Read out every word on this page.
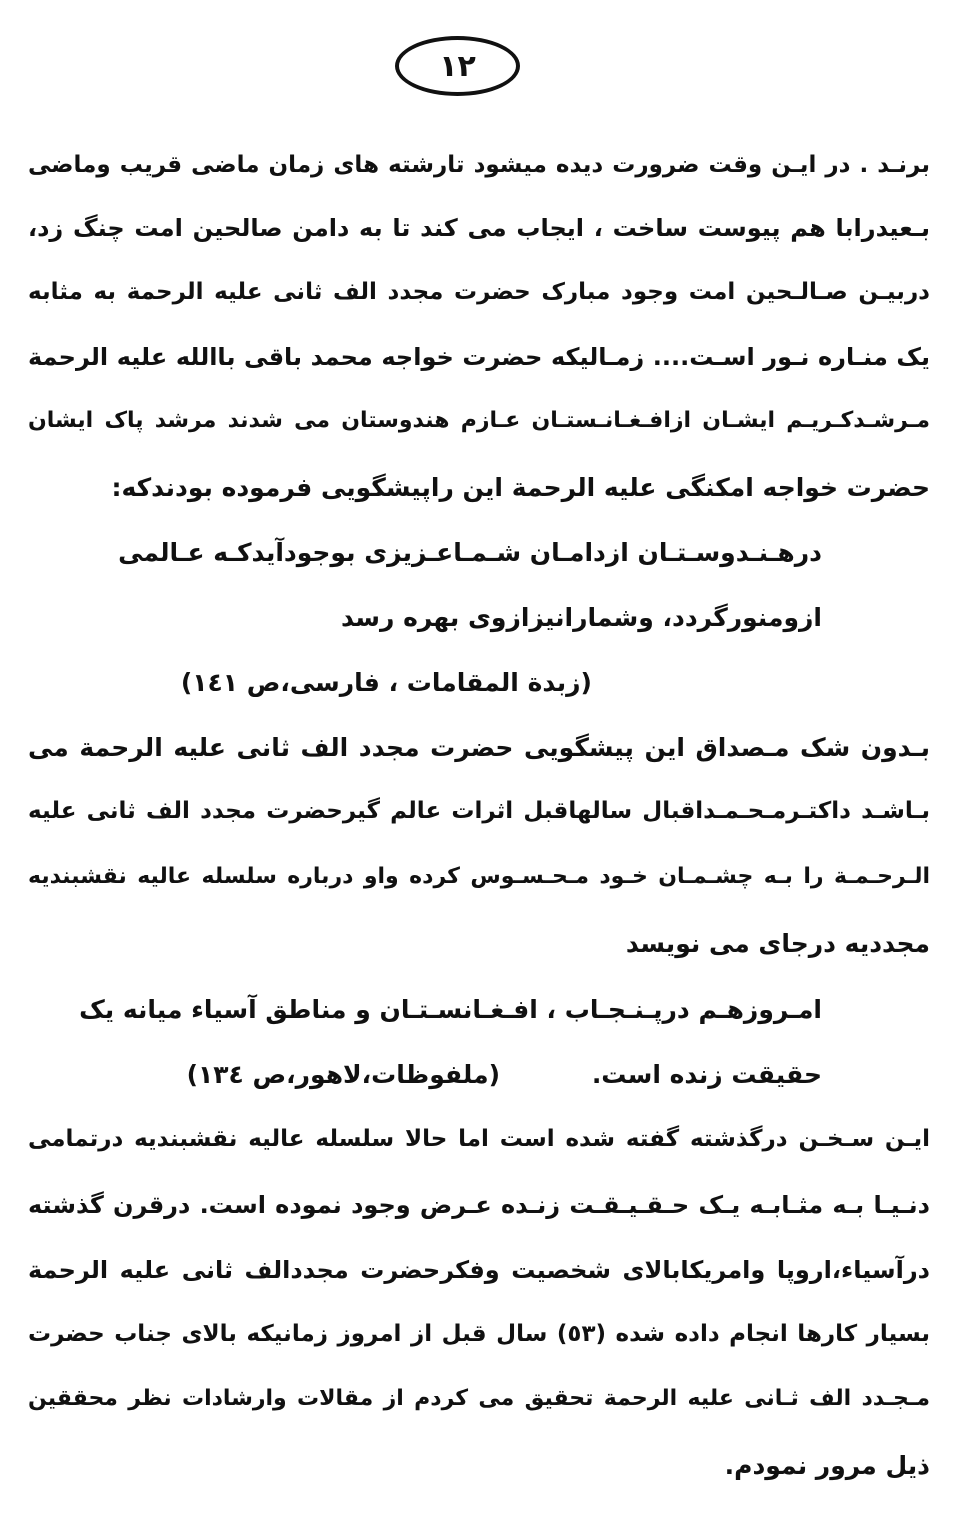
۱۲
برنـد . در ایـن وقت ضرورت دیده میشود تارشته های زمان ماضی قریب وماضی
بـعیدرابا هم پیوست ساخت ، ایجاب می کند تا به دامن صالحین امت چنگ زد،
دربیـن صـالـحین امت وجود مبارک حضرت مجدد الف ثانی علیه الرحمة به مثابه
یک منـاره نـور اسـت.... زمـالیکه حضرت خواجه محمد باقی باالله علیه الرحمة
مـرشـدکـریـم ایشـان ازافـغـانـستـان عـازم هندوستان می شدند مرشد پاک ایشان
حضرت خواجه امکنگی علیه الرحمة این راپیشگویی فرموده بودندکه:
درهـنـدوسـتـان ازدامـان شـمـاعـزیزی بوجودآیدکـه عـالمی
ازومنورگردد، وشمارانیزازوی بهره رسد
(زبدة المقامات ، فارسی،ص ١٤١)
بـدون شک مـصداق این پیشگویی حضرت مجدد الف ثانی علیه الرحمة می
بـاشـد داکتـرمـحـمـداقبال سالهاقبل اثرات عالم گیرحضرت مجدد الف ثانی علیه
الـرحـمـة را بـه چشـمـان خـود مـحـسـوس کرده واو درباره سلسله عالیه نقشبندیه
مجددیه درجای می نویسد
امـروزهـم درپـنـجـاب ، افـغـانسـتـان و مناطق آسیاء میانه یک
حقیقت زنده است.
(ملفوظات،لاهور،ص ١٣٤)
ایـن سـخـن درگذشته گفته شده است اما حالا سلسله عالیه نقشبندیه درتمامی
دنـیـا بـه مثـابـه یـک حـقـیـقـت زنـده عـرض وجود نموده است. درقرن گذشته
درآسیاء،اروپا وامریکابالای شخصیت وفکرحضرت مجددالف ثانی علیه الرحمة
بسیار کارها انجام داده شده (٥٣) سال قبل از امروز زمانیکه بالای جناب حضرت
مـجـدد الف ثـانی علیه الرحمة تحقیق می کردم از مقالات وارشادات نظر محققین
ذیل مرور نمودم.
